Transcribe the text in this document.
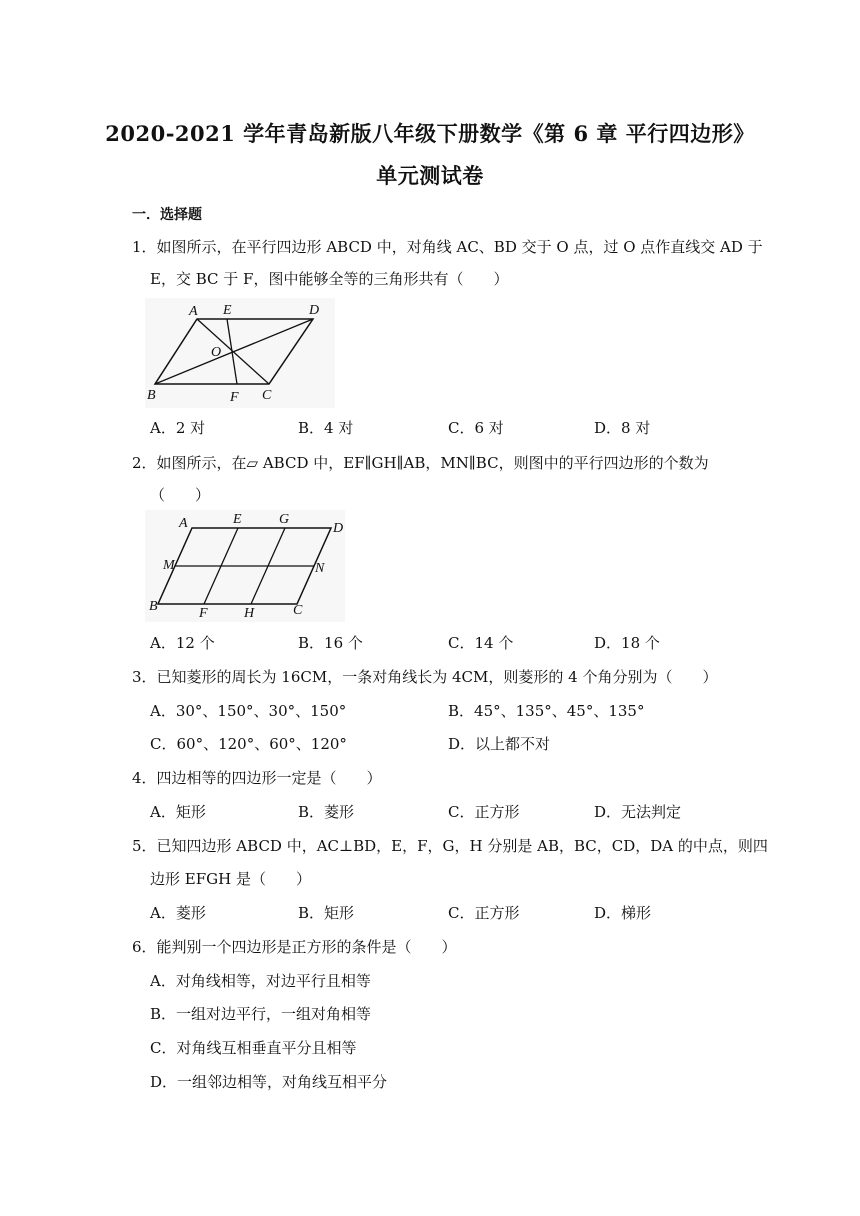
2020-2021 学年青岛新版八年级下册数学《第 6 章 平行四边形》
单元测试卷
一．选择题
1．如图所示，在平行四边形 ABCD 中，对角线 AC、BD 交于 O 点，过 O 点作直线交 AD 于
E，交 BC 于 F，图中能够全等的三角形共有（　　）
A E	D
O
B	F C
A．2 对	B．4 对	C．6 对	D．8 对
2．如图所示，在▱ ABCD 中，EF∥GH∥AB，MN∥BC，则图中的平行四边形的个数为
（　　）
A	E	G
D
M	N
B	F	H	C
A．12 个	B．16 个	C．14 个	D．18 个
3．已知菱形的周长为 16CM，一条对角线长为 4CM，则菱形的 4 个角分别为（　　）
A．30°、150°、30°、150°	B．45°、135°、45°、135°
C．60°、120°、60°、120°	D．以上都不对
4．四边相等的四边形一定是（　　）
A．矩形	B．菱形	C．正方形	D．无法判定
5．已知四边形 ABCD 中，AC⊥BD，E，F，G，H 分别是 AB，BC，CD，DA 的中点，则四
边形 EFGH 是（　　）
A．菱形	B．矩形	C．正方形	D．梯形
6．能判别一个四边形是正方形的条件是（　　）
A．对角线相等，对边平行且相等
B．一组对边平行，一组对角相等
C．对角线互相垂直平分且相等
D．一组邻边相等，对角线互相平分
